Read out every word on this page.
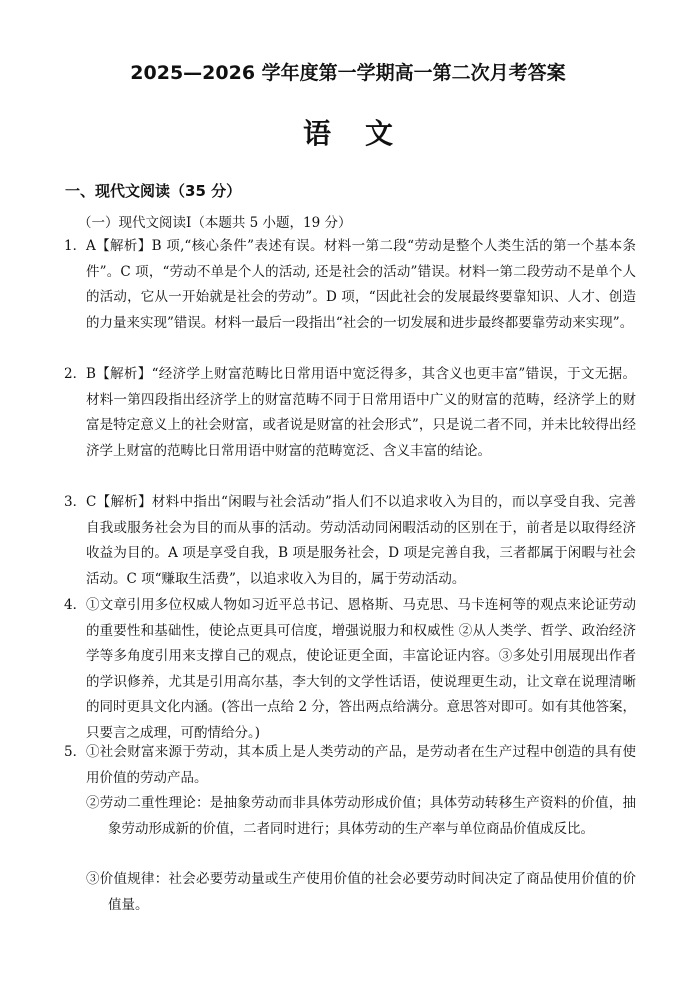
2025—2026 学年度第一学期高一第二次月考答案
语 文
一、现代文阅读（35 分）
（一）现代文阅读Ⅰ（本题共 5 小题，19 分）
1． A【解析】B 项,“核心条件”表述有误。材料一第二段“劳动是整个人类生活的第一个基本条件”。C 项，“劳动不单是个人的活动, 还是社会的活动”错误。材料一第二段劳动不是单个人的活动，它从一开始就是社会的劳动”。D 项，“因此社会的发展最终要靠知识、人才、创造的力量来实现”错误。材料一最后一段指出“社会的一切发展和进步最终都要靠劳动来实现”。
2． B【解析】“经济学上财富范畴比日常用语中宽泛得多，其含义也更丰富”错误，于文无据。材料一第四段指出经济学上的财富范畴不同于日常用语中广义的财富的范畴，经济学上的财富是特定意义上的社会财富，或者说是财富的社会形式”，只是说二者不同，并未比较得出经济学上财富的范畴比日常用语中财富的范畴宽泛、含义丰富的结论。
3． C【解析】材料中指出“闲暇与社会活动”指人们不以追求收入为目的，而以享受自我、完善自我或服务社会为目的而从事的活动。劳动活动同闲暇活动的区别在于，前者是以取得经济收益为目的。A 项是享受自我，B 项是服务社会，D 项是完善自我，三者都属于闲暇与社会活动。C 项“赚取生活费”，以追求收入为目的，属于劳动活动。
4． ①文章引用多位权威人物如习近平总书记、恩格斯、马克思、马卡连柯等的观点来论证劳动的重要性和基础性，使论点更具可信度，增强说服力和权威性 ②从人类学、哲学、政治经济学等多角度引用来支撑自己的观点，使论证更全面，丰富论证内容。③多处引用展现出作者的学识修养，尤其是引用高尔基，李大钊的文学性话语，使说理更生动，让文章在说理清晰的同时更具文化内涵。(答出一点给 2 分，答出两点给满分。意思答对即可。如有其他答案，只要言之成理，可酌情给分。)
5． ①社会财富来源于劳动，其本质上是人类劳动的产品，是劳动者在生产过程中创造的具有使用价值的劳动产品。
②劳动二重性理论：是抽象劳动而非具体劳动形成价值；具体劳动转移生产资料的价值，抽象劳动形成新的价值，二者同时进行；具体劳动的生产率与单位商品价值成反比。
③价值规律：社会必要劳动量或生产使用价值的社会必要劳动时间决定了商品使用价值的价值量。
